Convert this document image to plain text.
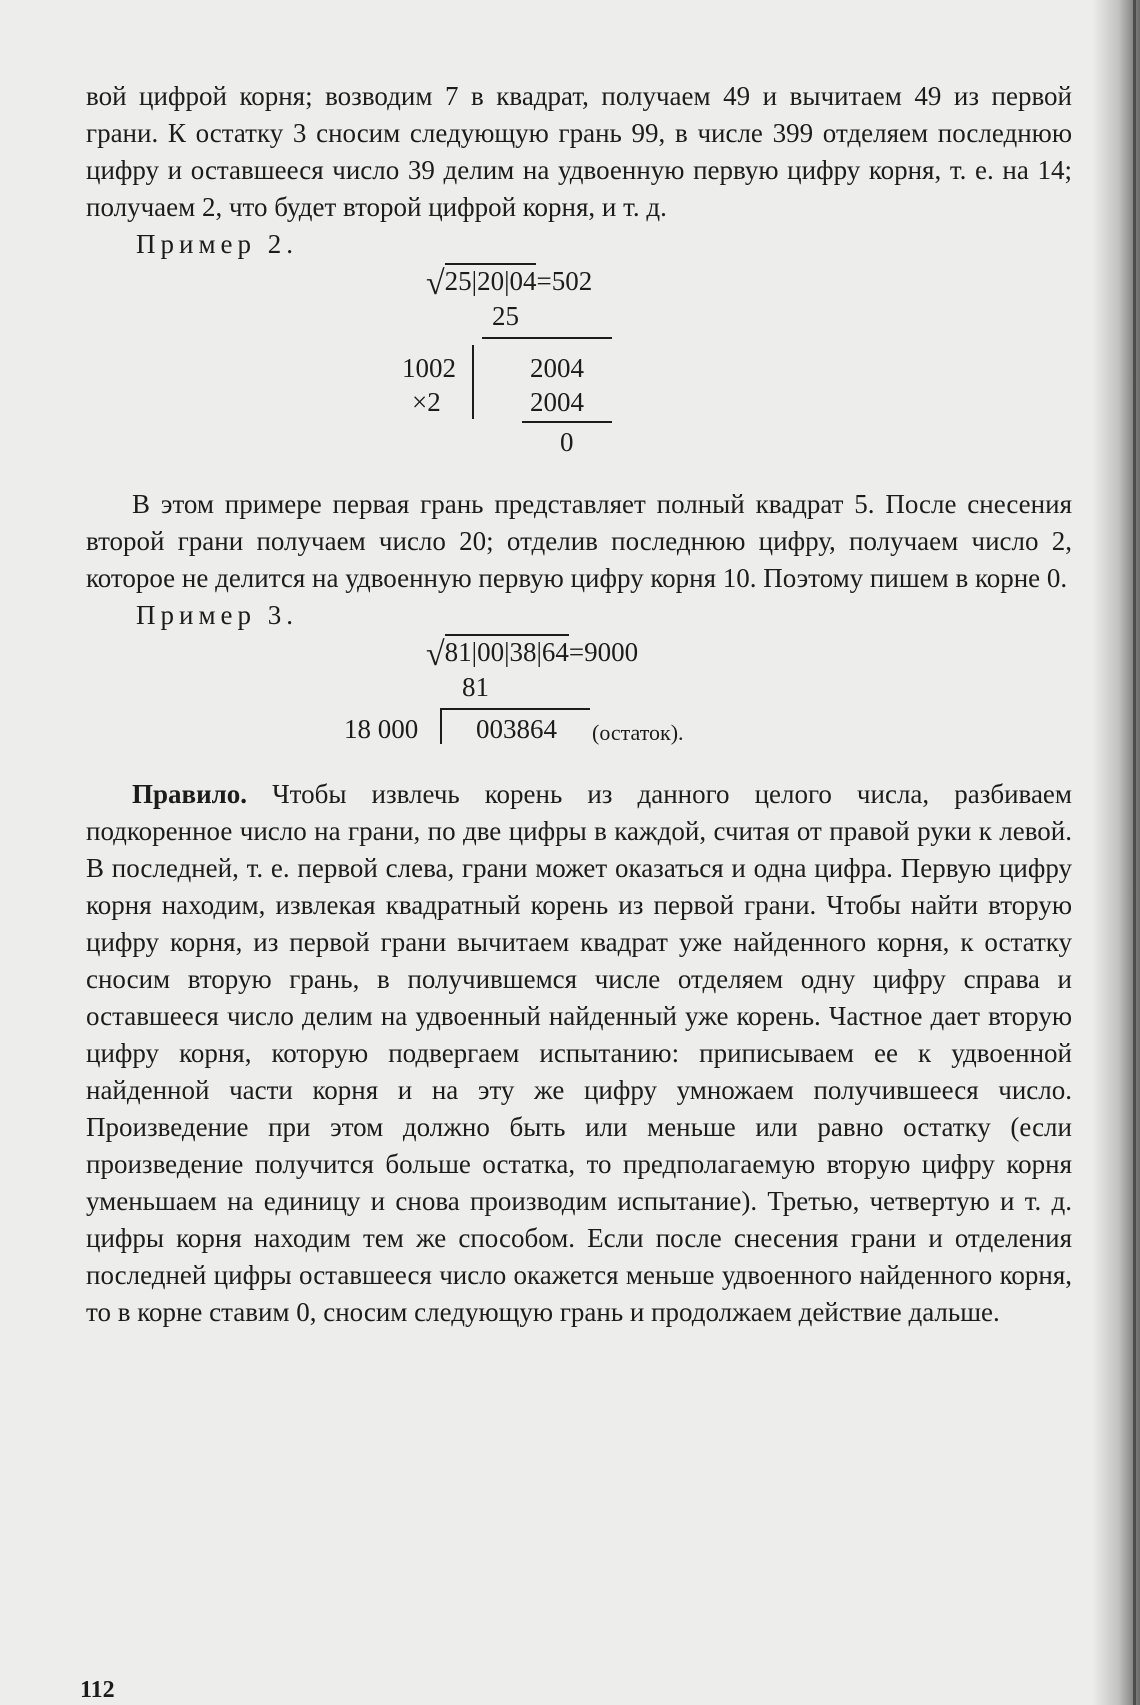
вой цифрой корня; возводим 7 в квадрат, получаем 49 и вычитаем 49 из первой грани. К остатку 3 сносим следующую грань 99, в числе 399 отделяем последнюю цифру и оставшееся число 39 делим на удвоенную первую цифру корня, т. е. на 14; получаем 2, что будет второй цифрой корня, и т. д.

Пример 2.

√25|20|04=502
25
1002
×2
2004
2004
0

В этом примере первая грань представляет полный квадрат 5. После снесения второй грани получаем число 20; отделив последнюю цифру, получаем число 2, которое не делится на удвоенную первую цифру корня 10. Поэтому пишем в корне 0.

Пример 3.

√81|00|38|64=9000
81
18 000 003864 (остаток).

Правило. Чтобы извлечь корень из данного целого числа, разбиваем подкоренное число на грани, по две цифры в каждой, считая от правой руки к левой. В последней, т. е. первой слева, грани может оказаться и одна цифра. Первую цифру корня находим, извлекая квадратный корень из первой грани. Чтобы найти вторую цифру корня, из первой грани вычитаем квадрат уже найденного корня, к остатку сносим вторую грань, в получившемся числе отделяем одну цифру справа и оставшееся число делим на удвоенный найденный уже корень. Частное дает вторую цифру корня, которую подвергаем испытанию: приписываем ее к удвоенной найденной части корня и на эту же цифру умножаем получившееся число. Произведение при этом должно быть или меньше или равно остатку (если произведение получится больше остатка, то предполагаемую вторую цифру корня уменьшаем на единицу и снова производим испытание). Третью, четвертую и т. д. цифры корня находим тем же способом. Если после снесения грани и отделения последней цифры оставшееся число окажется меньше удвоенного найденного корня, то в корне ставим 0, сносим следующую грань и продолжаем действие дальше.

112
